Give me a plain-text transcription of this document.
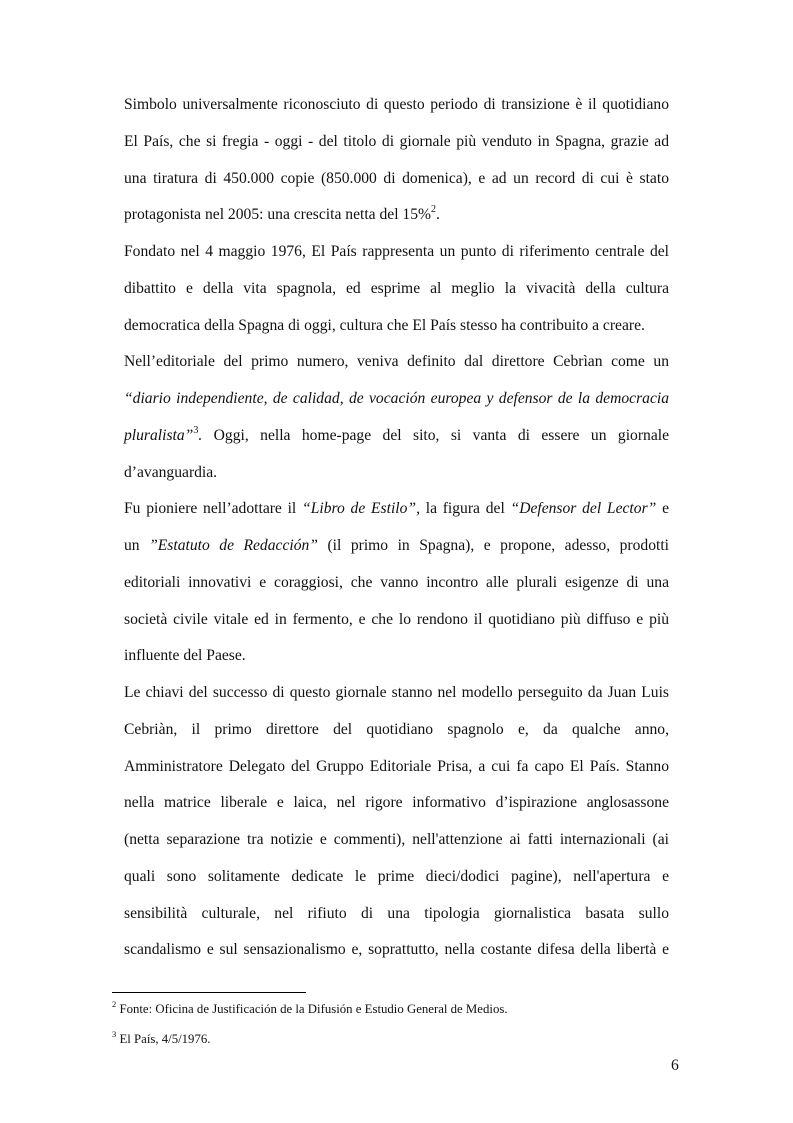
Simbolo universalmente riconosciuto di questo periodo di transizione è il quotidiano
El País, che si fregia - oggi - del titolo di giornale più venduto in Spagna, grazie ad
una tiratura di 450.000 copie (850.000 di domenica), e ad un record di cui è stato
protagonista nel 2005: una crescita netta del 15%$^2$.
Fondato nel 4 maggio 1976, El País rappresenta un punto di riferimento centrale del
dibattito e della vita spagnola, ed esprime al meglio la vivacità della cultura
democratica della Spagna di oggi, cultura che El País stesso ha contribuito a creare.
Nell’editoriale del primo numero, veniva definito dal direttore Cebrìan come un
“diario independiente, de calidad, de vocación europea y defensor de la democracia
pluralista”$^3$. Oggi, nella home-page del sito, si vanta di essere un giornale
d’avanguardia.
Fu pioniere nell’adottare il “Libro de Estilo”, la figura del “Defensor del Lector” e
un ”Estatuto de Redacción” (il primo in Spagna), e propone, adesso, prodotti
editoriali innovativi e coraggiosi, che vanno incontro alle plurali esigenze di una
società civile vitale ed in fermento, e che lo rendono il quotidiano più diffuso e più
influente del Paese.
Le chiavi del successo di questo giornale stanno nel modello perseguito da Juan Luis
Cebriàn, il primo direttore del quotidiano spagnolo e, da qualche anno,
Amministratore Delegato del Gruppo Editoriale Prisa, a cui fa capo El País. Stanno
nella matrice liberale e laica, nel rigore informativo d’ispirazione anglosassone
(netta separazione tra notizie e commenti), nell'attenzione ai fatti internazionali (ai
quali sono solitamente dedicate le prime dieci/dodici pagine), nell'apertura e
sensibilità culturale, nel rifiuto di una tipologia giornalistica basata sullo
scandalismo e sul sensazionalismo e, soprattutto, nella costante difesa della libertà e
$^2$ Fonte: Oficina de Justificación de la Difusión e Estudio General de Medios.
$^3$ El País, 4/5/1976.
6
